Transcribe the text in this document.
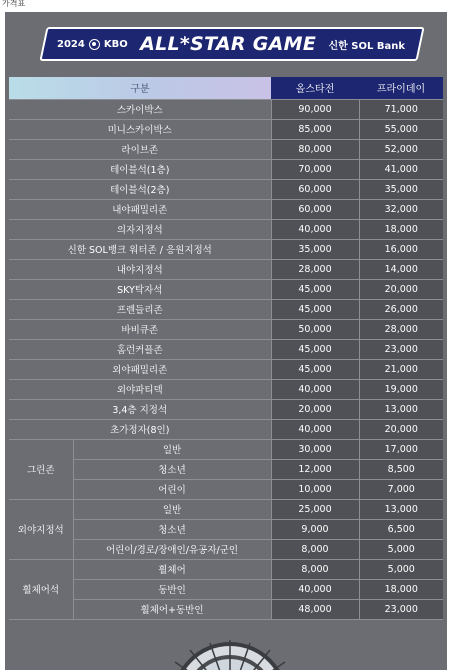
가격표
2024 KBO ALL*STAR GAME 신한 SOL Bank
구분		올스타전	프라이데이
스카이박스		90,000	71,000
미니스카이박스		85,000	55,000
라이브존		80,000	52,000
테이블석(1층)		70,000	41,000
테이블석(2층)		60,000	35,000
내야패밀리존		60,000	32,000
의자지정석		40,000	18,000
신한 SOL뱅크 워터존 / 응원지정석		35,000	16,000
내야지정석		28,000	14,000
SKY탁자석		45,000	20,000
프렌들리존		45,000	26,000
바비큐존		50,000	28,000
홈런커플존		45,000	23,000
외야패밀리존		45,000	21,000
외야파티덱		40,000	19,000
3,4층 지정석		20,000	13,000
초가정자(8인)		40,000	20,000
그린존	일반	30,000	17,000
	청소년	12,000	8,500
	어린이	10,000	7,000
외야지정석	일반	25,000	13,000
	청소년	9,000	6,500
	어린이/경로/장애인/유공자/군인	8,000	5,000
휠체어석	휠체어	8,000	5,000
	동반인	40,000	18,000
	휠체어+동반인	48,000	23,000
